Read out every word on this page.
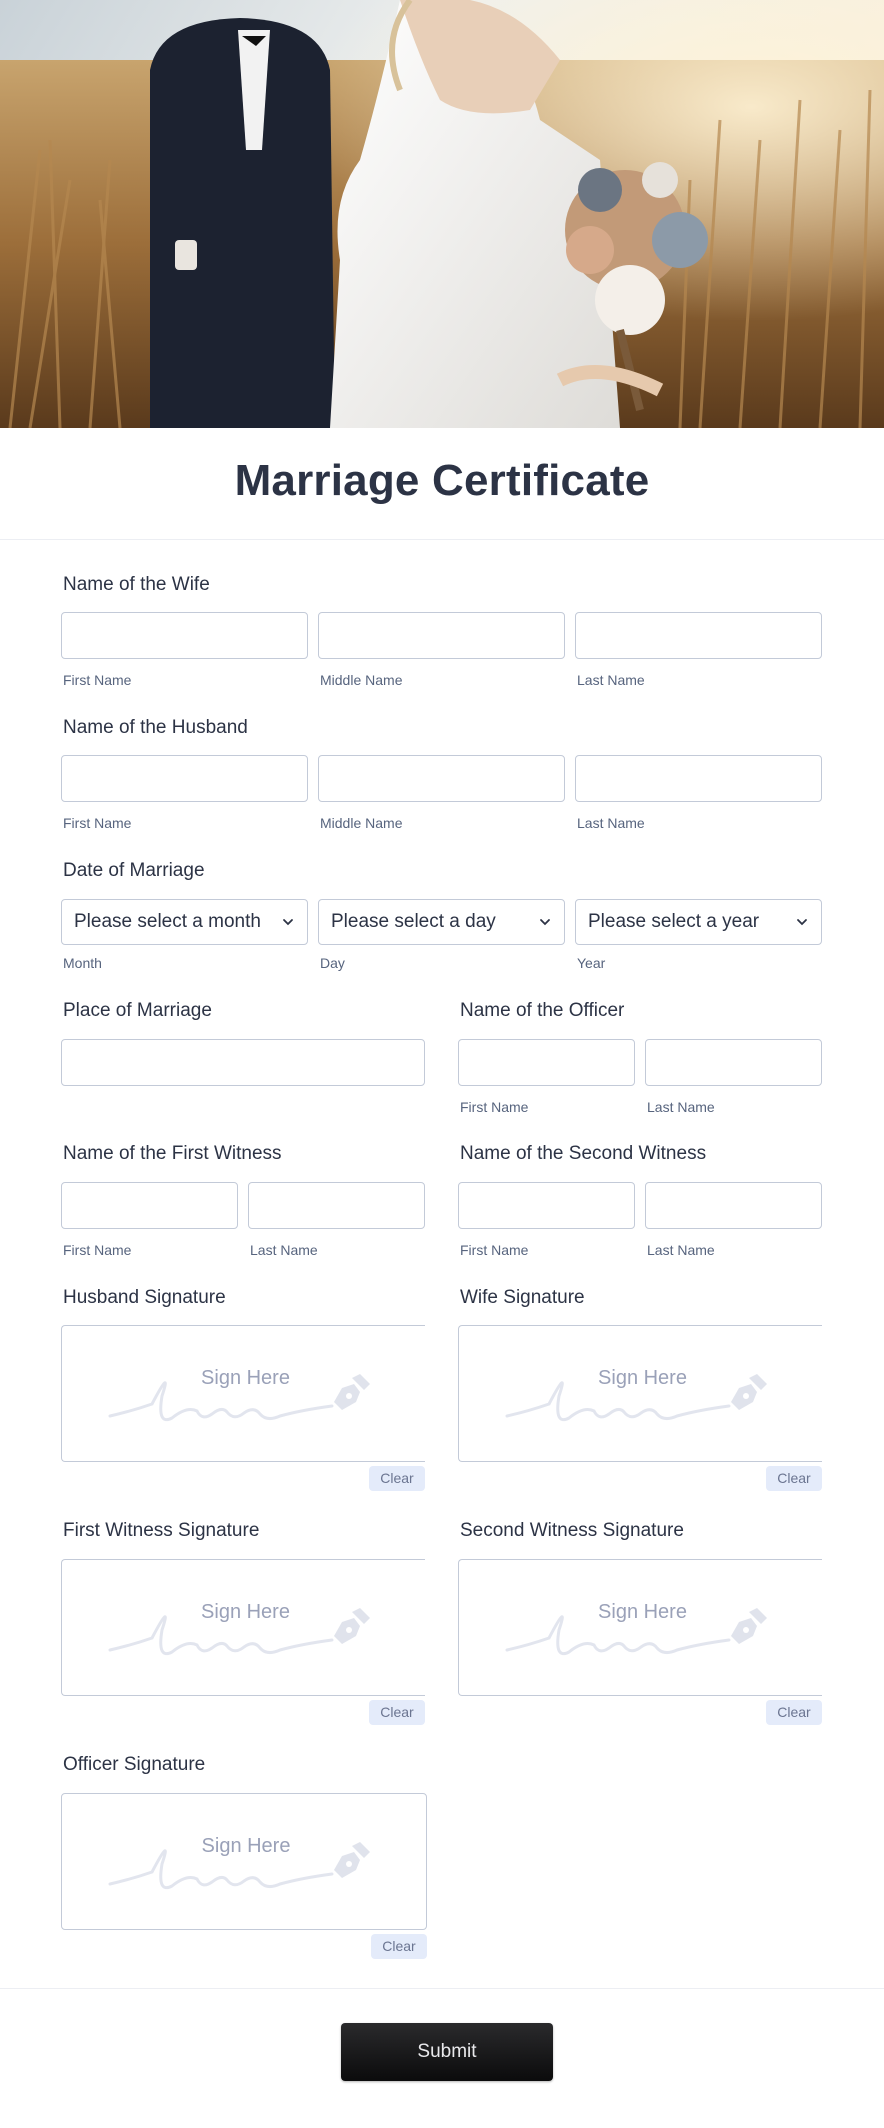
Marriage Certificate
Name of the Wife
First Name	Middle Name	Last Name
Name of the Husband
First Name	Middle Name	Last Name
Date of Marriage
Please select a month	Please select a day	Please select a year
Month	Day	Year
Place of Marriage	Name of the Officer
First Name	Last Name
Name of the First Witness
First Name	Last Name
Name of the Second Witness
First Name	Last Name
Husband Signature
Sign Here
Clear
Wife Signature
Sign Here
Clear
First Witness Signature
Sign Here
Clear
Second Witness Signature
Sign Here
Clear
Officer Signature
Sign Here
Clear
Submit
